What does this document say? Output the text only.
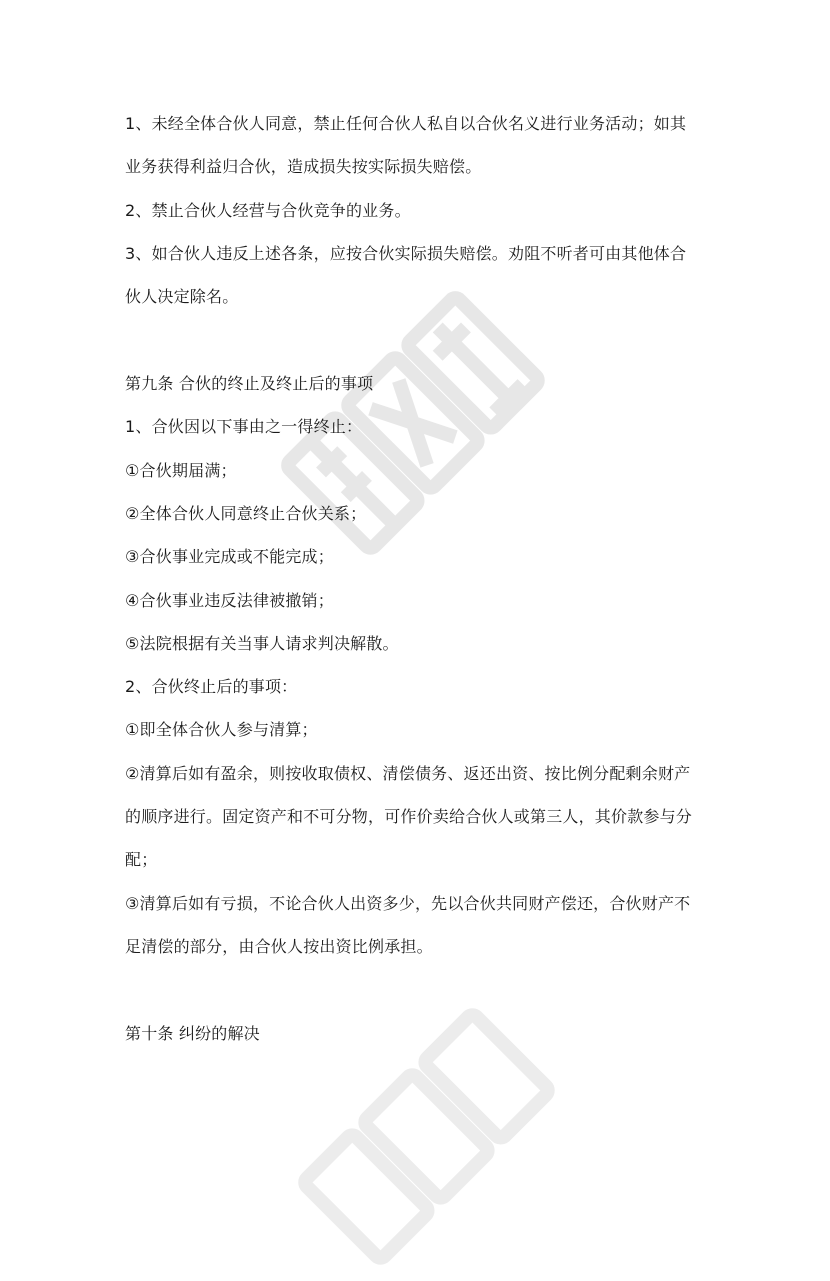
1、未经全体合伙人同意，禁止任何合伙人私自以合伙名义进行业务活动；如其
业务获得利益归合伙，造成损失按实际损失赔偿。
2、禁止合伙人经营与合伙竞争的业务。
3、如合伙人违反上述各条，应按合伙实际损失赔偿。劝阻不听者可由其他体合
伙人决定除名。
第九条 合伙的终止及终止后的事项
1、合伙因以下事由之一得终止：
①合伙期届满；
②全体合伙人同意终止合伙关系；
③合伙事业完成或不能完成；
④合伙事业违反法律被撤销；
⑤法院根据有关当事人请求判决解散。
2、合伙终止后的事项：
①即全体合伙人参与清算；
②清算后如有盈余，则按收取债权、清偿债务、返还出资、按比例分配剩余财产
的顺序进行。固定资产和不可分物，可作价卖给合伙人或第三人，其价款参与分
配；
③清算后如有亏损，不论合伙人出资多少，先以合伙共同财产偿还，合伙财产不
足清偿的部分，由合伙人按出资比例承担。
第十条 纠纷的解决
